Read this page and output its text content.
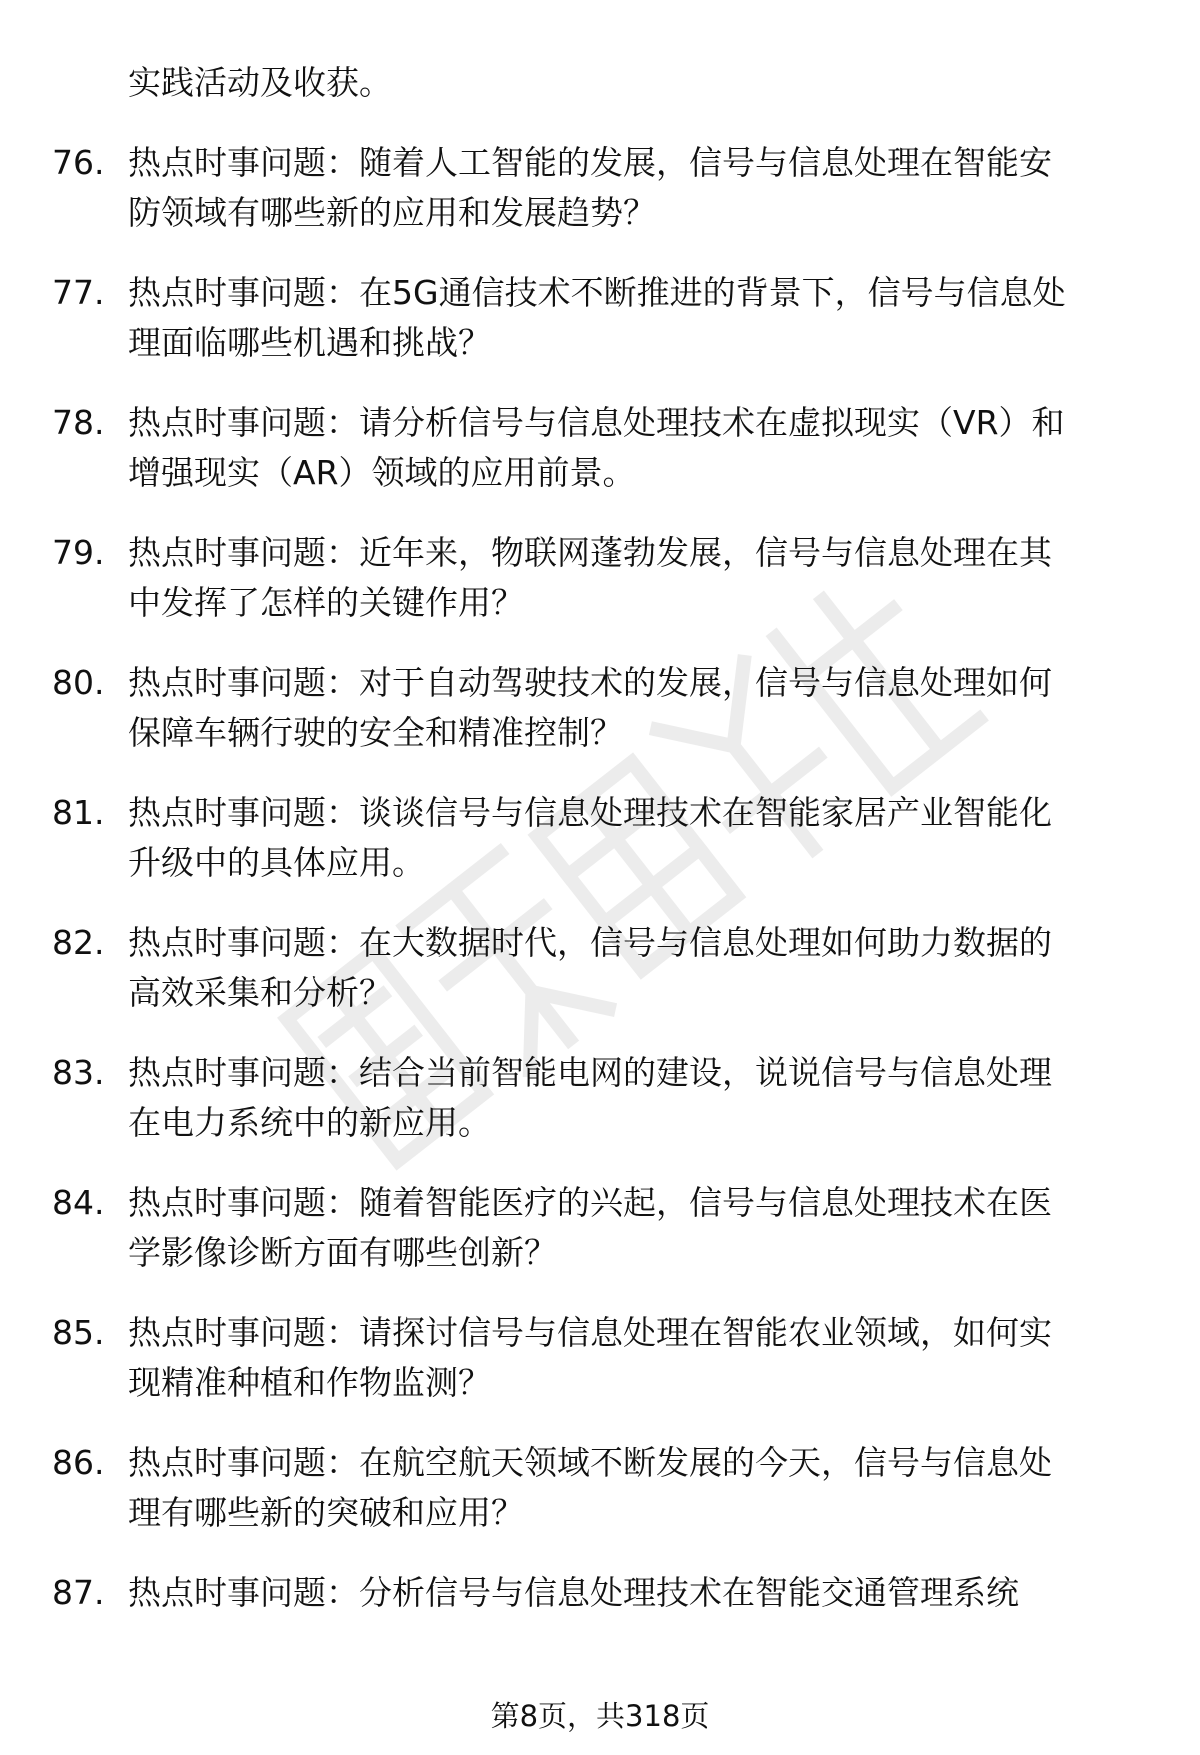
实践活动及收获。
76. 热点时事问题：随着人工智能的发展，信号与信息处理在智能安
防领域有哪些新的应用和发展趋势？
77. 热点时事问题：在5G通信技术不断推进的背景下，信号与信息处
理面临哪些机遇和挑战？
78. 热点时事问题：请分析信号与信息处理技术在虚拟现实（VR）和
增强现实（AR）领域的应用前景。
79. 热点时事问题：近年来，物联网蓬勃发展，信号与信息处理在其
中发挥了怎样的关键作用？
80. 热点时事问题：对于自动驾驶技术的发展，信号与信息处理如何
保障车辆行驶的安全和精准控制？
81. 热点时事问题：谈谈信号与信息处理技术在智能家居产业智能化
升级中的具体应用。
82. 热点时事问题：在大数据时代，信号与信息处理如何助力数据的
高效采集和分析？
83. 热点时事问题：结合当前智能电网的建设，说说信号与信息处理
在电力系统中的新应用。
84. 热点时事问题：随着智能医疗的兴起，信号与信息处理技术在医
学影像诊断方面有哪些创新？
85. 热点时事问题：请探讨信号与信息处理在智能农业领域，如何实
现精准种植和作物监测？
86. 热点时事问题：在航空航天领域不断发展的今天，信号与信息处
理有哪些新的突破和应用？
87. 热点时事问题：分析信号与信息处理技术在智能交通管理系统
第8页，共318页
